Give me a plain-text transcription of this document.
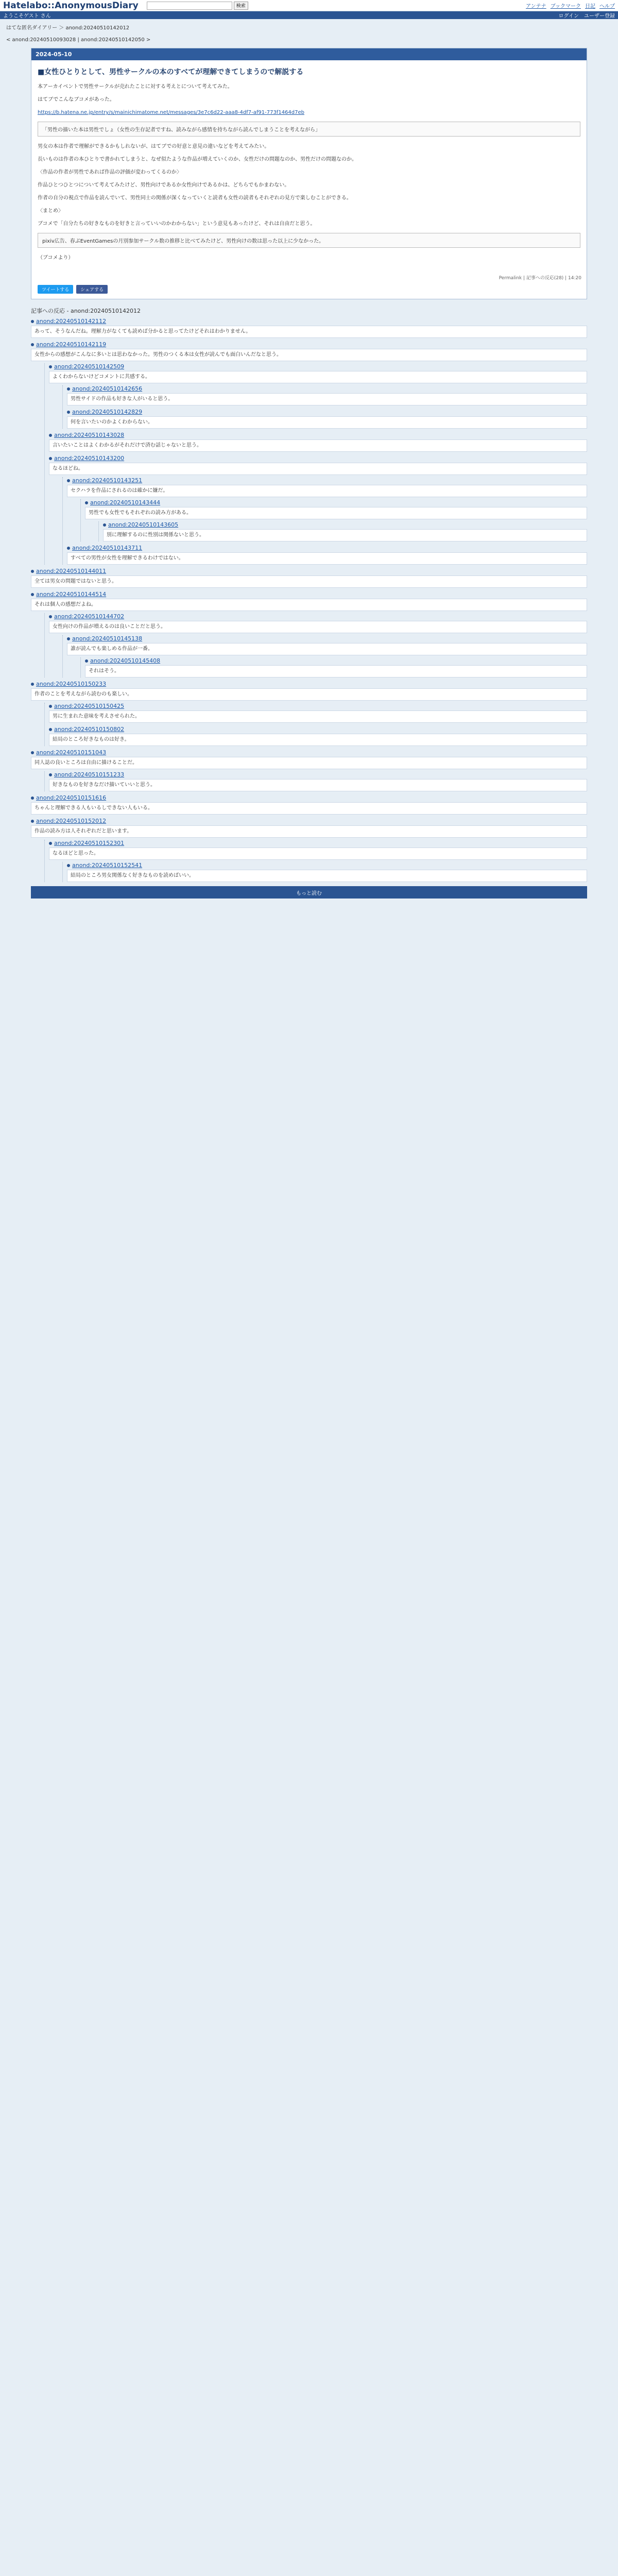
Hatelabo::AnonymousDiary	検索	アンテナ ブックマーク 日記 へルプ
ようこそゲスト さん	ログイン ユーザー登録
はてな匿名ダイアリー ＞ anond:20240510142012
< anond:20240510093028 | anond:20240510142050 >
2024-05-10
■女性ひとりとして、男性サークルの本のすべてが理解できてしまうので解説する

本アーカイベントで男性サークルが売れたことに対する考えとについて考えてみた。

はてブでこんなブコメがあった。

https://b.hatena.ne.jp/entry/s/mainichimatome.net/messages/3e7c6d22-aaa8-4df7-af91-773f1464d7eb

「男性の描いた本は男性でしょ（女性の生存記者ですね、読みながら感情を持ちながら読んでしまうことを考えながら」

男女の本は作者で理解ができるかもしれないが、はてブでの好意と意見の違いなどを考えてみたい。

長いものは作者の本ひとりで書かれてしまうと、なぜ似たような作品が増えていくのか、女性だけの問題なのか、男性だけの問題なのか。

〈作品の作者が男性であれば作品の評価が変わってくるのか〉

作品ひとつひとつについて考えてみたけど、男性向けであるか女性向けであるかは、どちらでもかまわない。

作者の自分の視点で作品を読んでいて、男性同士の関係が深くなっていくと読者も女性の読者もそれぞれの見方で楽しむことができる。

〈まとめ〉

ブコメで「自分たちの好きなものを好きと言っていいのかわからない」という意見もあったけど、それは自由だと思う。

pixiv広告、春ぶEventGamesの月別参加サークル数の推移と比べてみたけど、男性向けの数は思った以上に少なかった。

（ブコメより）

Permalink | 記事への反応(28) | 14:20
ツイートする	シェアする
記事への反応 - anond:20240510142012
anond:20240510142112
あって、そうなんだね。理解力がなくても読めば分かると思ってたけどそれはわかりません。
anond:20240510142119
女性からの感想がこんなに多いとは思わなかった。男性のつくる本は女性が読んでも面白いんだなと思う。
anond:20240510142509
よくわからないけどコメントに共感する。
anond:20240510142656
男性サイドの作品も好きな人がいると思う。
anond:20240510142829
何を言いたいのかよくわからない。
anond:20240510143028
言いたいことはよくわかるがそれだけで済む話じゃないと思う。
anond:20240510143200
なるほどね。
anond:20240510143251
セクハラを作品にされるのは確かに嫌だ。
anond:20240510143444
男性でも女性でもそれぞれの読み方がある。
anond:20240510143605
別に理解するのに性別は関係ないと思う。
anond:20240510143711
すべての男性が女性を理解できるわけではない。
anond:20240510144011
全ては男女の問題ではないと思う。
anond:20240510144514
それは個人の感想だよね。
anond:20240510144702
女性向けの作品が増えるのは良いことだと思う。
anond:20240510145138
誰が読んでも楽しめる作品が一番。
anond:20240510145408
それはそう。
anond:20240510150233
作者のことを考えながら読むのも楽しい。
anond:20240510150425
男に生まれた意味を考えさせられた。
anond:20240510150802
結局のところ好きなものは好き。
anond:20240510151043
同人誌の良いところは自由に描けることだ。
anond:20240510151233
好きなものを好きなだけ描いていいと思う。
anond:20240510151616
ちゃんと理解できる人もいるしできない人もいる。
anond:20240510152012
作品の読み方は人それぞれだと思います。
anond:20240510152301
なるほどと思った。
anond:20240510152541
結局のところ男女関係なく好きなものを読めばいい。
もっと読む
